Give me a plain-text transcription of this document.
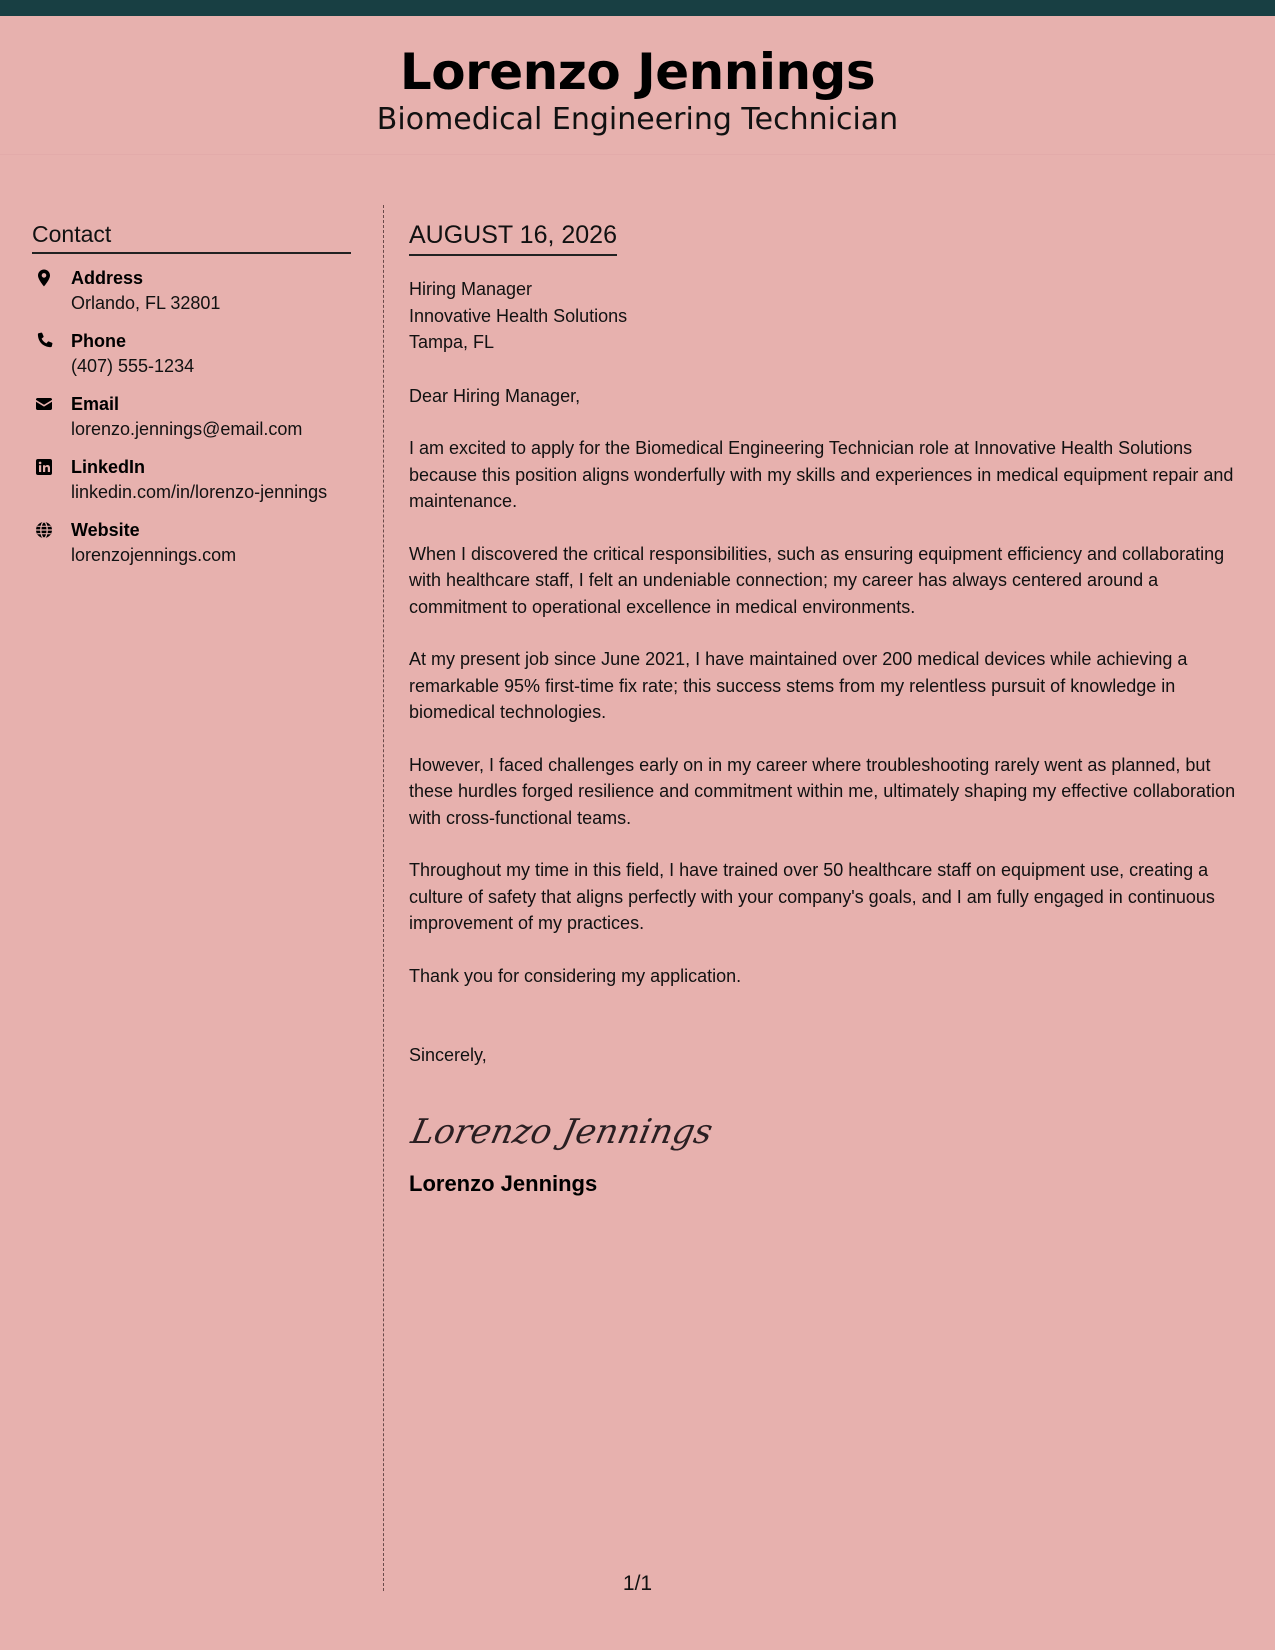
Lorenzo Jennings
Biomedical Engineering Technician
Contact
Address
Orlando, FL 32801
Phone
(407) 555-1234
Email
lorenzo.jennings@email.com
LinkedIn
linkedin.com/in/lorenzo-jennings
Website
lorenzojennings.com
AUGUST 16, 2026
Hiring Manager
Innovative Health Solutions
Tampa, FL

Dear Hiring Manager,

I am excited to apply for the Biomedical Engineering Technician role at Innovative Health Solutions because this position aligns wonderfully with my skills and experiences in medical equipment repair and maintenance.

When I discovered the critical responsibilities, such as ensuring equipment efficiency and collaborating with healthcare staff, I felt an undeniable connection; my career has always centered around a commitment to operational excellence in medical environments.

At my present job since June 2021, I have maintained over 200 medical devices while achieving a remarkable 95% first-time fix rate; this success stems from my relentless pursuit of knowledge in biomedical technologies.

However, I faced challenges early on in my career where troubleshooting rarely went as planned, but these hurdles forged resilience and commitment within me, ultimately shaping my effective collaboration with cross-functional teams.

Throughout my time in this field, I have trained over 50 healthcare staff on equipment use, creating a culture of safety that aligns perfectly with your company's goals, and I am fully engaged in continuous improvement of my practices.

Thank you for considering my application.

Sincerely,

Lorenzo Jennings
Lorenzo Jennings
1/1
